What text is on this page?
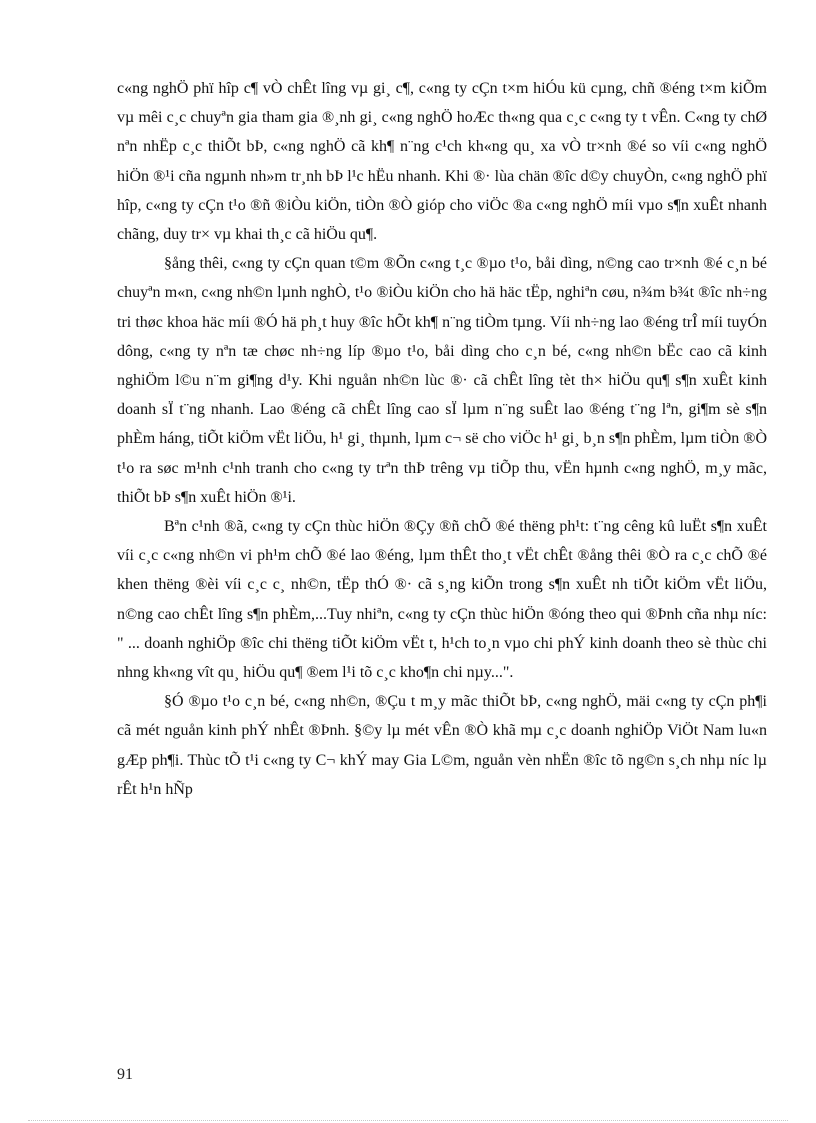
c«ng nghÖ phï hîp c¶ vÒ chÊt lîng vµ gi¸ c¶, c«ng ty cÇn t×m hiÓu kü cµng, chñ ®éng t×m kiÕm vµ mêi c¸c chuyªn gia tham gia ®¸nh gi¸ c«ng nghÖ hoÆc th«ng qua c¸c c«ng ty t vÊn. C«ng ty chØ nªn nhËp c¸c thiÕt bÞ, c«ng nghÖ cã kh¶ n¨ng c¹ch kh«ng qu¸ xa vÒ tr×nh ®é so víi c«ng nghÖ hiÖn ®¹i cña ngµnh nh»m tr¸nh bÞ l¹c hËu nhanh. Khi ®· lùa chän ®îc d©y chuyÒn, c«ng nghÖ phï hîp, c«ng ty cÇn t¹o ®ñ ®iÒu kiÖn, tiÒn ®Ò gióp cho viÖc ®a c«ng nghÖ míi vµo s¶n xuÊt nhanh chãng, duy tr× vµ khai th¸c cã hiÖu qu¶.

§ång thêi, c«ng ty cÇn quan t©m ®Õn c«ng t¸c ®µo t¹o, båi dìng, n©ng cao tr×nh ®é c¸n bé chuyªn m«n, c«ng nh©n lµnh nghÒ, t¹o ®iÒu kiÖn cho hä häc tËp, nghiªn cøu, n¾m b¾t ®îc nh÷ng tri thøc khoa häc míi ®Ó hä ph¸t huy ®îc hÕt kh¶ n¨ng tiÒm tµng. Víi nh÷ng lao ®éng trÎ míi tuyÓn dông, c«ng ty nªn tæ chøc nh÷ng líp ®µo t¹o, båi dìng cho c¸n bé, c«ng nh©n bËc cao cã kinh nghiÖm l©u n¨m gi¶ng d¹y. Khi nguån nh©n lùc ®· cã chÊt lîng tèt th× hiÖu qu¶ s¶n xuÊt kinh doanh sÏ t¨ng nhanh. Lao ®éng cã chÊt lîng cao sÏ lµm n¨ng suÊt lao ®éng t¨ng lªn, gi¶m sè s¶n phÈm háng, tiÕt kiÖm vËt liÖu, h¹ gi¸ thµnh, lµm c¬ së cho viÖc h¹ gi¸ b¸n s¶n phÈm, lµm tiÒn ®Ò t¹o ra søc m¹nh c¹nh tranh cho c«ng ty trªn thÞ trêng vµ tiÕp thu, vËn hµnh c«ng nghÖ, m¸y mãc, thiÕt bÞ s¶n xuÊt hiÖn ®¹i.

Bªn c¹nh ®ã, c«ng ty cÇn thùc hiÖn ®Çy ®ñ chÕ ®é thëng ph¹t: t¨ng cêng kû luËt s¶n xuÊt víi c¸c c«ng nh©n vi ph¹m chÕ ®é lao ®éng, lµm thÊt tho¸t vËt chÊt ®ång thêi ®Ò ra c¸c chÕ ®é khen thëng ®èi víi c¸c c¸ nh©n, tËp thÓ ®· cã s¸ng kiÕn trong s¶n xuÊt nh tiÕt kiÖm vËt liÖu, n©ng cao chÊt lîng s¶n phÈm,...Tuy nhiªn, c«ng ty cÇn thùc hiÖn ®óng theo qui ®Þnh cña nhµ níc: " ... doanh nghiÖp ®îc chi thëng tiÕt kiÖm vËt t, h¹ch to¸n vµo chi phÝ kinh doanh theo sè thùc chi nhng kh«ng vît qu¸ hiÖu qu¶ ®em l¹i tõ c¸c kho¶n chi nµy...".

§Ó ®µo t¹o c¸n bé, c«ng nh©n, ®Çu t m¸y mãc thiÕt bÞ, c«ng nghÖ, mäi c«ng ty cÇn ph¶i cã mét nguån kinh phÝ nhÊt ®Þnh. §©y lµ mét vÊn ®Ò khã mµ c¸c doanh nghiÖp ViÖt Nam lu«n gÆp ph¶i. Thùc tÕ t¹i c«ng ty C¬ khÝ may Gia L©m, nguån vèn nhËn ®îc tõ ng©n s¸ch nhµ níc lµ rÊt h¹n hÑp

91
